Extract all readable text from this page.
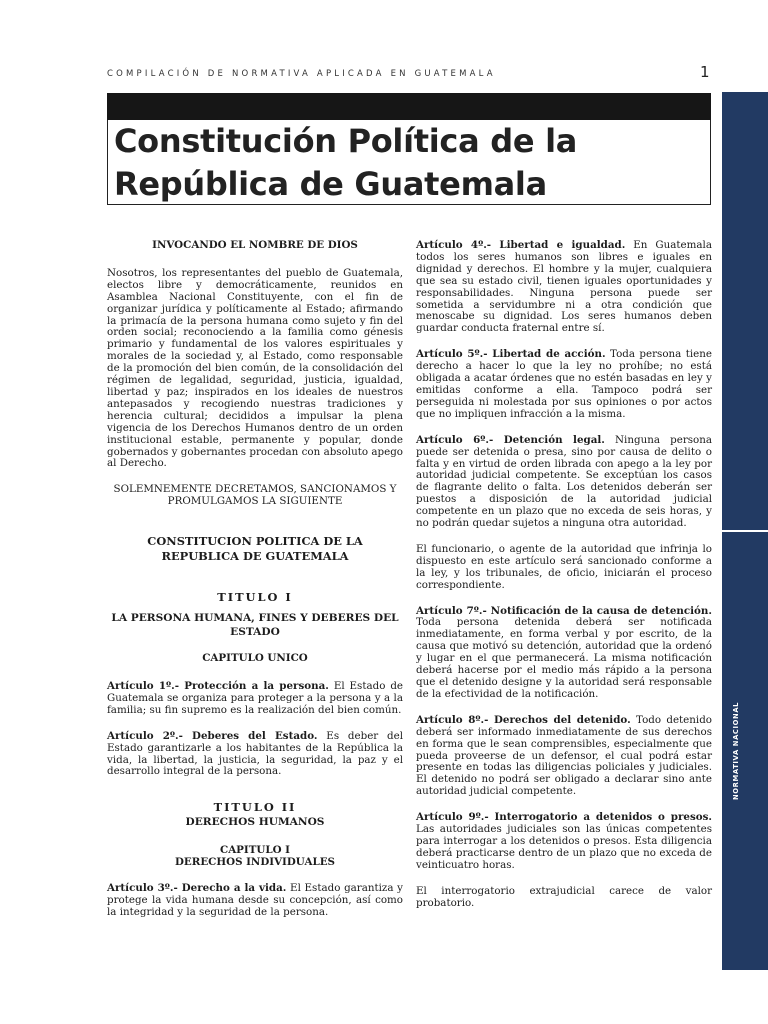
COMPILACIÓN DE NORMATIVA APLICADA EN GUATEMALA	1
NORMATIVA NACIONAL
Constitución Política de la
República de Guatemala

INVOCANDO EL NOMBRE DE DIOS

Nosotros, los representantes del pueblo de Guatemala, electos libre y democráticamente, reunidos en Asamblea Nacional Constituyente, con el fin de organizar jurídica y políticamente al Estado; afirmando la primacía de la persona humana como sujeto y fin del orden social; reconociendo a la familia como génesis primario y fundamental de los valores espirituales y morales de la sociedad y, al Estado, como responsable de la promoción del bien común, de la consolidación del régimen de legalidad, seguridad, justicia, igualdad, libertad y paz; inspirados en los ideales de nuestros antepasados y recogiendo nuestras tradiciones y herencia cultural; decididos a impulsar la plena vigencia de los Derechos Humanos dentro de un orden institucional estable, permanente y popular, donde gobernados y gobernantes procedan con absoluto apego al Derecho.

SOLEMNEMENTE DECRETAMOS, SANCIONAMOS Y PROMULGAMOS LA SIGUIENTE

CONSTITUCION POLITICA DE LA REPUBLICA DE GUATEMALA

TITULO I

LA PERSONA HUMANA, FINES Y DEBERES DEL ESTADO

CAPITULO UNICO

Artículo 1º.- Protección a la persona. El Estado de Guatemala se organiza para proteger a la persona y a la familia; su fin supremo es la realización del bien común.

Artículo 2º.- Deberes del Estado. Es deber del Estado garantizarle a los habitantes de la República la vida, la libertad, la justicia, la seguridad, la paz y el desarrollo integral de la persona.

TITULO II

DERECHOS HUMANOS

CAPITULO I

DERECHOS INDIVIDUALES

Artículo 3º.- Derecho a la vida. El Estado garantiza y protege la vida humana desde su concepción, así como la integridad y la seguridad de la persona.

Artículo 4º.- Libertad e igualdad. En Guatemala todos los seres humanos son libres e iguales en dignidad y derechos. El hombre y la mujer, cualquiera que sea su estado civil, tienen iguales oportunidades y responsabilidades. Ninguna persona puede ser sometida a servidumbre ni a otra condición que menoscabe su dignidad. Los seres humanos deben guardar conducta fraternal entre sí.

Artículo 5º.- Libertad de acción. Toda persona tiene derecho a hacer lo que la ley no prohíbe; no está obligada a acatar órdenes que no estén basadas en ley y emitidas conforme a ella. Tampoco podrá ser perseguida ni molestada por sus opiniones o por actos que no impliquen infracción a la misma.

Artículo 6º.- Detención legal. Ninguna persona puede ser detenida o presa, sino por causa de delito o falta y en virtud de orden librada con apego a la ley por autoridad judicial competente. Se exceptúan los casos de flagrante delito o falta. Los detenidos deberán ser puestos a disposición de la autoridad judicial competente en un plazo que no exceda de seis horas, y no podrán quedar sujetos a ninguna otra autoridad.

El funcionario, o agente de la autoridad que infrinja lo dispuesto en este artículo será sancionado conforme a la ley, y los tribunales, de oficio, iniciarán el proceso correspondiente.

Artículo 7º.- Notificación de la causa de detención. Toda persona detenida deberá ser notificada inmediatamente, en forma verbal y por escrito, de la causa que motivó su detención, autoridad que la ordenó y lugar en el que permanecerá. La misma notificación deberá hacerse por el medio más rápido a la persona que el detenido designe y la autoridad será responsable de la efectividad de la notificación.

Artículo 8º.- Derechos del detenido. Todo detenido deberá ser informado inmediatamente de sus derechos en forma que le sean comprensibles, especialmente que pueda proveerse de un defensor, el cual podrá estar presente en todas las diligencias policiales y judiciales. El detenido no podrá ser obligado a declarar sino ante autoridad judicial competente.

Artículo 9º.- Interrogatorio a detenidos o presos. Las autoridades judiciales son las únicas competentes para interrogar a los detenidos o presos. Esta diligencia deberá practicarse dentro de un plazo que no exceda de veinticuatro horas.

El interrogatorio extrajudicial carece de valor probatorio.
